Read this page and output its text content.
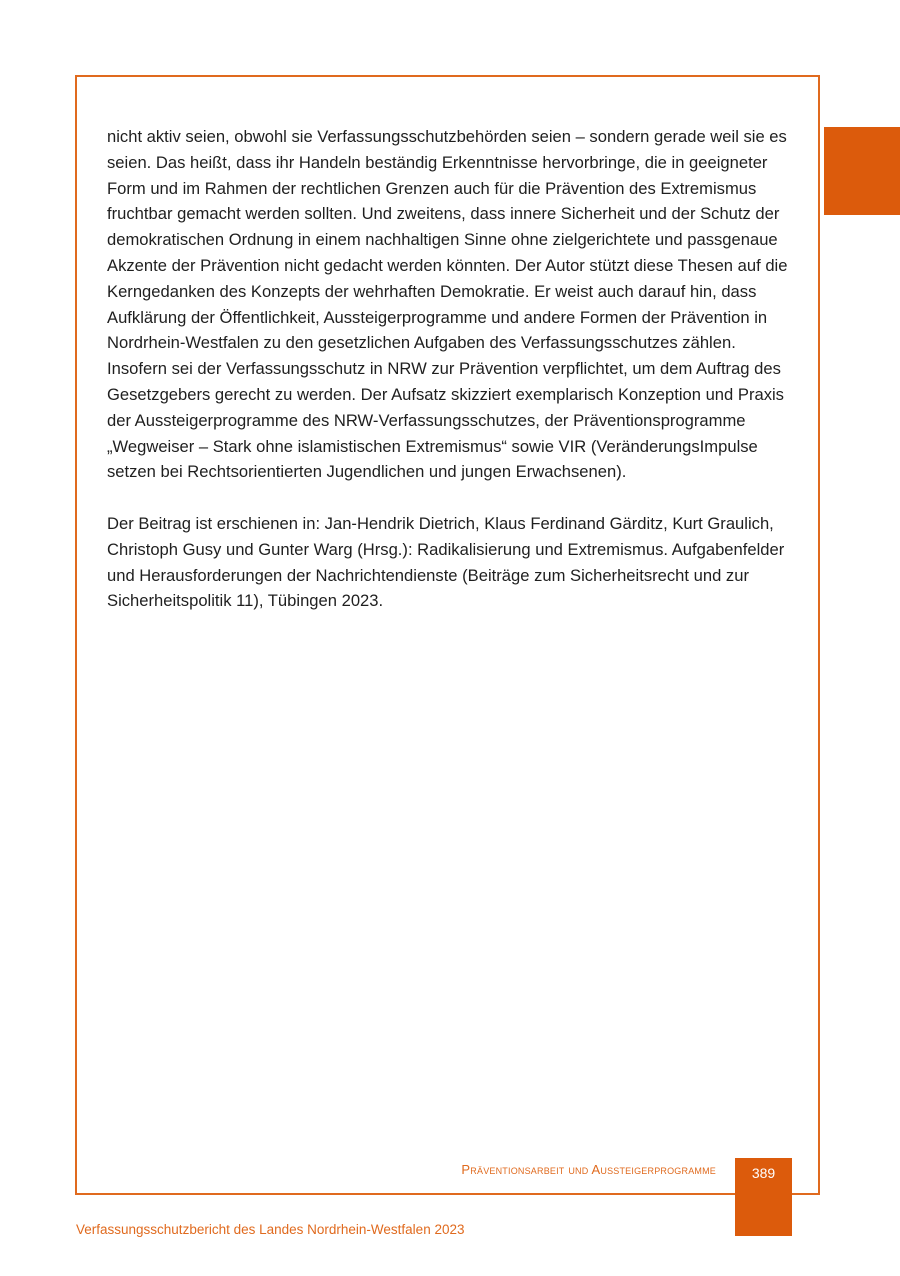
nicht aktiv seien, obwohl sie Verfassungsschutzbehörden seien – sondern gerade weil sie es seien. Das heißt, dass ihr Handeln beständig Erkenntnisse hervorbringe, die in geeigneter Form und im Rahmen der rechtlichen Grenzen auch für die Prävention des Extremismus fruchtbar gemacht werden sollten. Und zweitens, dass innere Sicherheit und der Schutz der demokratischen Ordnung in einem nachhaltigen Sinne ohne zielgerichtete und passgenaue Akzente der Prävention nicht gedacht werden könnten. Der Autor stützt diese Thesen auf die Kerngedanken des Konzepts der wehrhaften Demokratie. Er weist auch darauf hin, dass Aufklärung der Öffentlichkeit, Aussteigerprogramme und andere Formen der Prävention in Nordrhein-Westfalen zu den gesetzlichen Aufgaben des Verfassungsschutzes zählen. Insofern sei der Verfassungsschutz in NRW zur Prävention verpflichtet, um dem Auftrag des Gesetzgebers gerecht zu werden. Der Aufsatz skizziert exemplarisch Konzeption und Praxis der Aussteigerprogramme des NRW-Verfassungsschutzes, der Präventionsprogramme „Wegweiser – Stark ohne islamistischen Extremismus“ sowie VIR (VeränderungsImpulse setzen bei Rechtsorientierten Jugendlichen und jungen Erwachsenen).

Der Beitrag ist erschienen in: Jan-Hendrik Dietrich, Klaus Ferdinand Gärditz, Kurt Graulich, Christoph Gusy und Gunter Warg (Hrsg.): Radikalisierung und Extremismus. Aufgabenfelder und Herausforderungen der Nachrichtendienste (Beiträge zum Sicherheitsrecht und zur Sicherheitspolitik 11), Tübingen 2023.

Präventionsarbeit und Aussteigerprogramme	389
Verfassungsschutzbericht des Landes Nordrhein-Westfalen 2023
